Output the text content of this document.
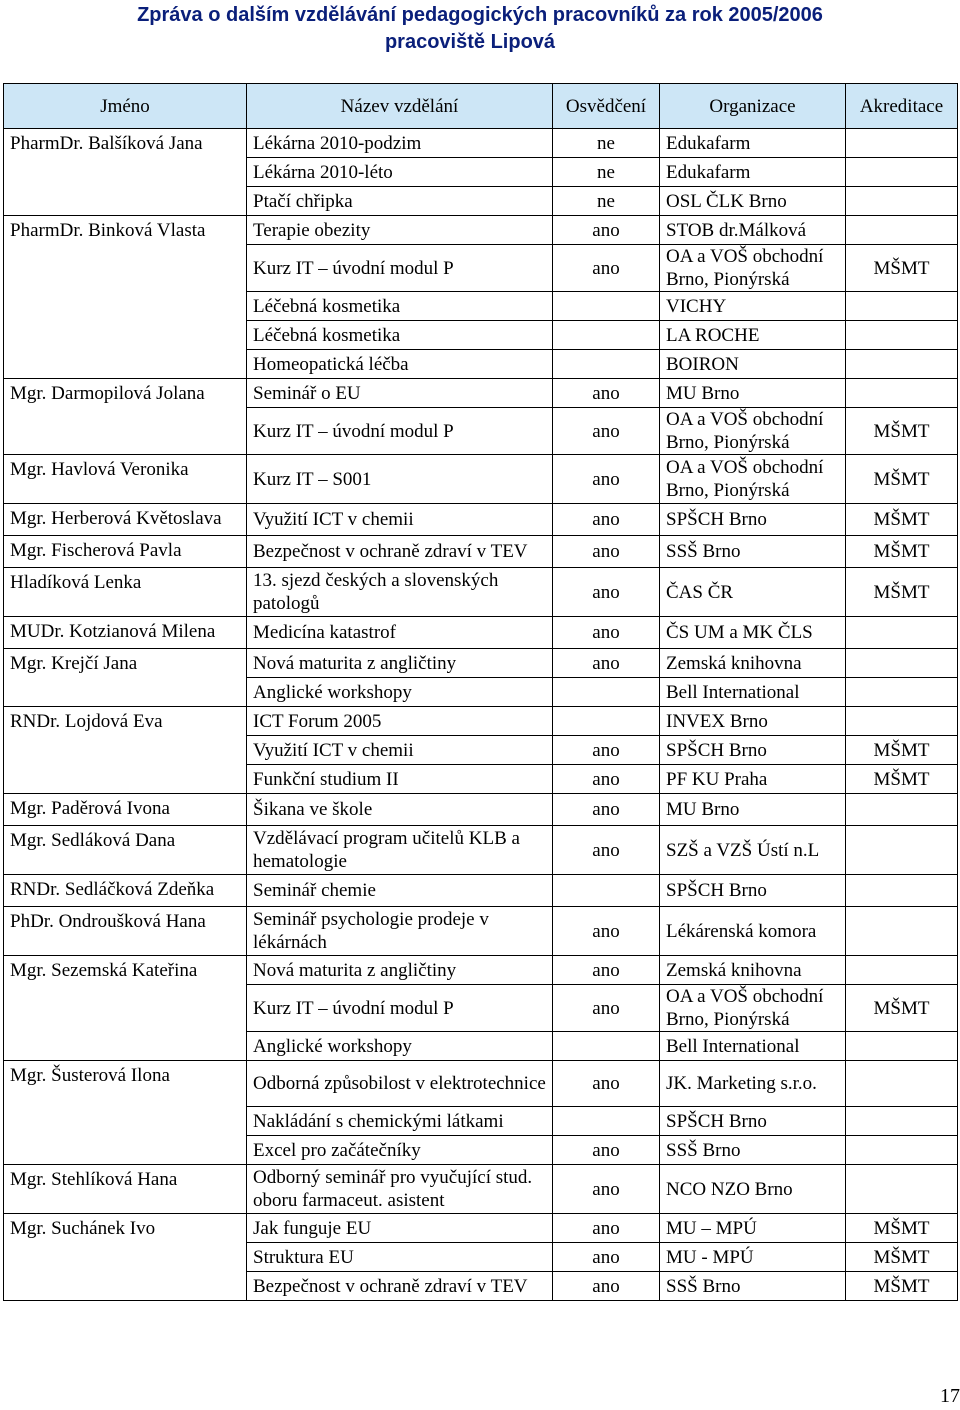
Zpráva o dalším vzdělávání pedagogických pracovníků za rok 2005/2006
pracoviště Lipová
Jméno	Název vzdělání	Osvědčení	Organizace	Akreditace
PharmDr. Balšíková Jana	Lékárna 2010-podzim	ne	Edukafarm	
	Lékárna 2010-léto	ne	Edukafarm	
	Ptačí chřipka	ne	OSL ČLK Brno	
PharmDr. Binková Vlasta	Terapie obezity	ano	STOB dr.Málková	
	Kurz IT – úvodní modul P	ano	OA a VOŠ obchodní Brno, Pionýrská	MŠMT
	Léčebná kosmetika		VICHY	
	Léčebná kosmetika		LA ROCHE	
	Homeopatická léčba		BOIRON	
Mgr. Darmopilová Jolana	Seminář o EU	ano	MU Brno	
	Kurz IT – úvodní modul P	ano	OA a VOŠ obchodní Brno, Pionýrská	MŠMT
Mgr. Havlová Veronika	Kurz IT – S001	ano	OA a VOŠ obchodní Brno, Pionýrská	MŠMT
Mgr. Herberová Květoslava	Využití ICT v chemii	ano	SPŠCH Brno	MŠMT
Mgr. Fischerová Pavla	Bezpečnost v ochraně zdraví v TEV	ano	SSŠ Brno	MŠMT
Hladíková Lenka	13. sjezd českých a slovenských patologů	ano	ČAS ČR	MŠMT
MUDr. Kotzianová Milena	Medicína katastrof	ano	ČS UM a MK ČLS	
Mgr. Krejčí Jana	Nová maturita z angličtiny	ano	Zemská knihovna	
	Anglické workshopy		Bell International	
RNDr. Lojdová Eva	ICT Forum 2005		INVEX Brno	
	Využití ICT v chemii	ano	SPŠCH Brno	MŠMT
	Funkční studium II	ano	PF KU Praha	MŠMT
Mgr. Paděrová Ivona	Šikana ve škole	ano	MU Brno	
Mgr. Sedláková Dana	Vzdělávací program učitelů KLB a hematologie	ano	SZŠ a VZŠ Ústí n.L	
RNDr. Sedláčková Zdeňka	Seminář chemie		SPŠCH Brno	
PhDr. Ondroušková Hana	Seminář psychologie prodeje v lékárnách	ano	Lékárenská komora	
Mgr. Sezemská Kateřina	Nová maturita z angličtiny	ano	Zemská knihovna	
	Kurz IT – úvodní modul P	ano	OA a VOŠ obchodní Brno, Pionýrská	MŠMT
	Anglické workshopy		Bell International	
Mgr. Šusterová Ilona	Odborná způsobilost v elektrotechnice	ano	JK. Marketing s.r.o.	
	Nakládání s chemickými látkami		SPŠCH Brno	
	Excel pro začátečníky	ano	SSŠ Brno	
Mgr. Stehlíková Hana	Odborný seminář pro vyučující stud. oboru farmaceut. asistent	ano	NCO NZO Brno	
Mgr. Suchánek Ivo	Jak funguje EU	ano	MU – MPÚ	MŠMT
	Struktura EU	ano	MU - MPÚ	MŠMT
	Bezpečnost v ochraně zdraví v TEV	ano	SSŠ Brno	MŠMT
17
